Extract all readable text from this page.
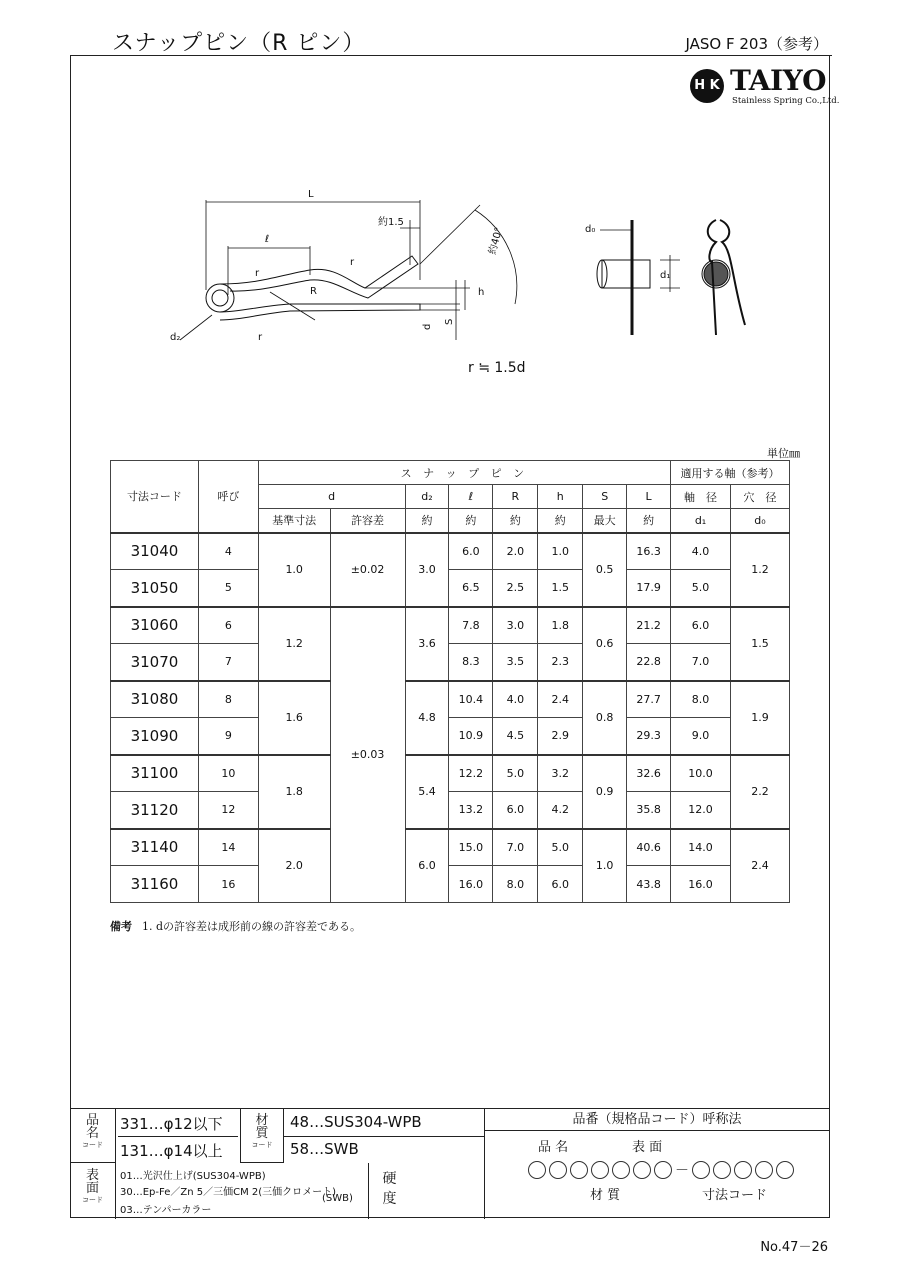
スナップピン（R ピン）	JASO F 203（参考）
H K TAIYO
Stainless Spring Co.,Ltd.
L
約1.5
ℓ	約40°
R	h
d
S
d₂
r
r
r
d₀
d₁
r ≒ 1.5d
単位㎜
寸法コード	呼び	ス ナ ッ プ ピ ン								適用する軸（参考）	
		d		d₂	ℓ	R	h	S	L	軸　径	穴　径
		基準寸法	許容差	約	約	約	約	最大	約	d₁	d₀
31040	4	1.0	±0.02	3.0	6.0	2.0	1.0	0.5	16.3	4.0	1.2
31050	5				6.5	2.5	1.5		17.9	5.0	
31060	6	1.2	±0.03	3.6	7.8	3.0	1.8	0.6	21.2	6.0	1.5
31070	7				8.3	3.5	2.3		22.8	7.0	
31080	8	1.6		4.8	10.4	4.0	2.4	0.8	27.7	8.0	1.9
31090	9				10.9	4.5	2.9		29.3	9.0	
31100	10	1.8		5.4	12.2	5.0	3.2	0.9	32.6	10.0	2.2
31120	12				13.2	6.0	4.2		35.8	12.0	
31140	14	2.0		6.0	15.0	7.0	5.0	1.0	40.6	14.0	2.4
31160	16				16.0	8.0	6.0		43.8	16.0	
備考 1. dの許容差は成形前の線の許容差である。
品名
コード
331…φ12以下
131…φ14以上
材質
コード
48…SUS304-WPB
58…SWB
表面
コード
01…光沢仕上げ(SUS304-WPB)
30…Ep-Fe／Zn 5／三価CM 2(三価クロメート)
(SWB)
03…テンパーカラー
硬度
品番（規格品コード）呼称法
品 名	表 面
－
材 質	寸法コード
No.47－26
